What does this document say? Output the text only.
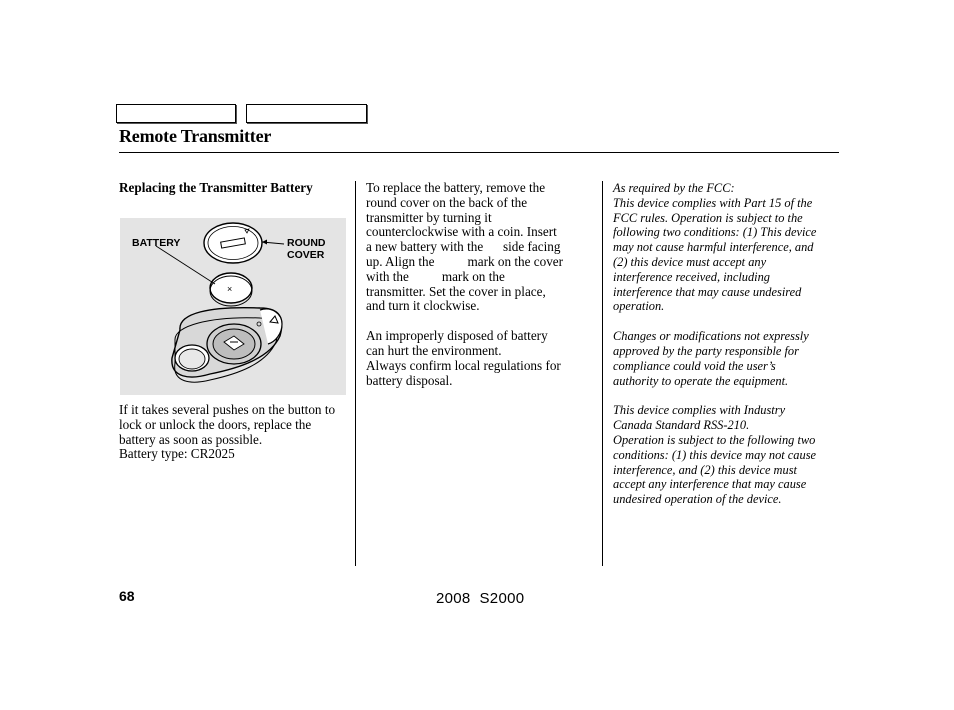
Remote Transmitter

Replacing the Transmitter Battery

×
BATTERY	ROUND COVER

If it takes several pushes on the button to lock or unlock the doors, replace the battery as soon as possible.

Battery type: CR2025

To replace the battery, remove the

round cover on the back of the

transmitter by turning it

counterclockwise with a coin. Insert

a new battery with the      side facing

up. Align the          mark on the cover

with the          mark on the

transmitter. Set the cover in place,

and turn it clockwise.

An improperly disposed of battery

can hurt the environment.

Always confirm local regulations for

battery disposal.

As required by the FCC:

This device complies with Part 15 of the

FCC rules. Operation is subject to the

following two conditions: (1) This device

may not cause harmful interference, and

(2) this device must accept any

interference received, including

interference that may cause undesired

operation.

Changes or modifications not expressly

approved by the party responsible for

compliance could void the user’s

authority to operate the equipment.

This device complies with Industry

Canada Standard RSS-210.

Operation is subject to the following two

conditions: (1) this device may not cause

interference, and (2) this device must

accept any interference that may cause

undesired operation of the device.

68	2008  S2000
